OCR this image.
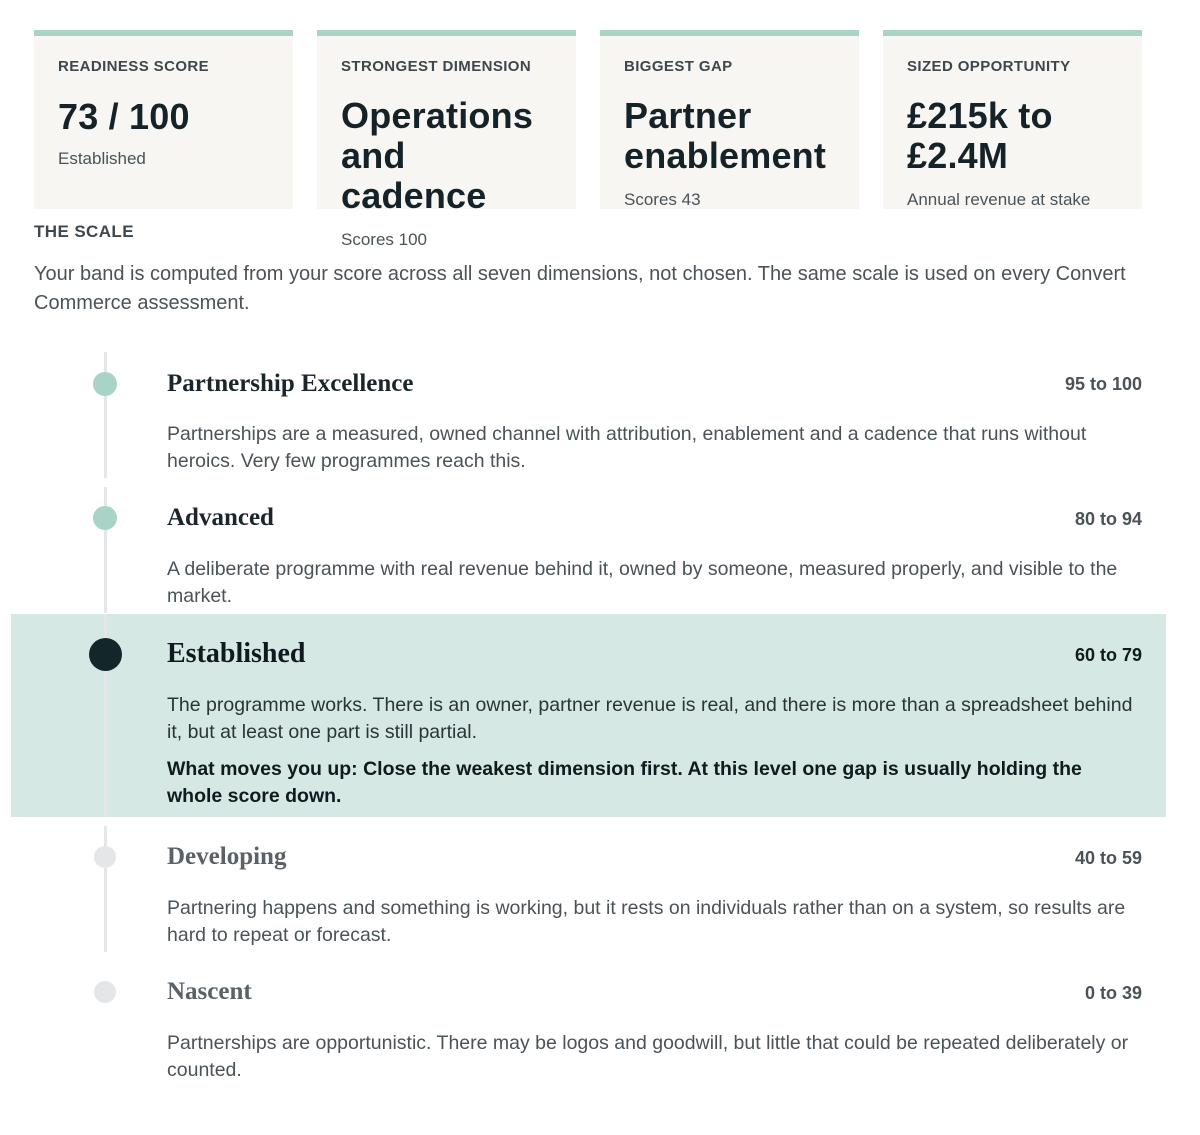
READINESS SCORE
73 / 100
Established
STRONGEST DIMENSION
Operations
and cadence
Scores 100
BIGGEST GAP
Partner
enablement
Scores 43
SIZED OPPORTUNITY
£215k to
£2.4M
Annual revenue at stake
THE SCALE
Your band is computed from your score across all seven dimensions, not chosen. The same scale is used on every Convert Commerce assessment.
Partnership Excellence	95 to 100
Partnerships are a measured, owned channel with attribution, enablement and a cadence that runs without heroics. Very few programmes reach this.
Advanced	80 to 94
A deliberate programme with real revenue behind it, owned by someone, measured properly, and visible to the market.
Established	60 to 79
The programme works. There is an owner, partner revenue is real, and there is more than a spreadsheet behind it, but at least one part is still partial.
What moves you up: Close the weakest dimension first. At this level one gap is usually holding the whole score down.
Developing	40 to 59
Partnering happens and something is working, but it rests on individuals rather than on a system, so results are hard to repeat or forecast.
Nascent	0 to 39
Partnerships are opportunistic. There may be logos and goodwill, but little that could be repeated deliberately or counted.
